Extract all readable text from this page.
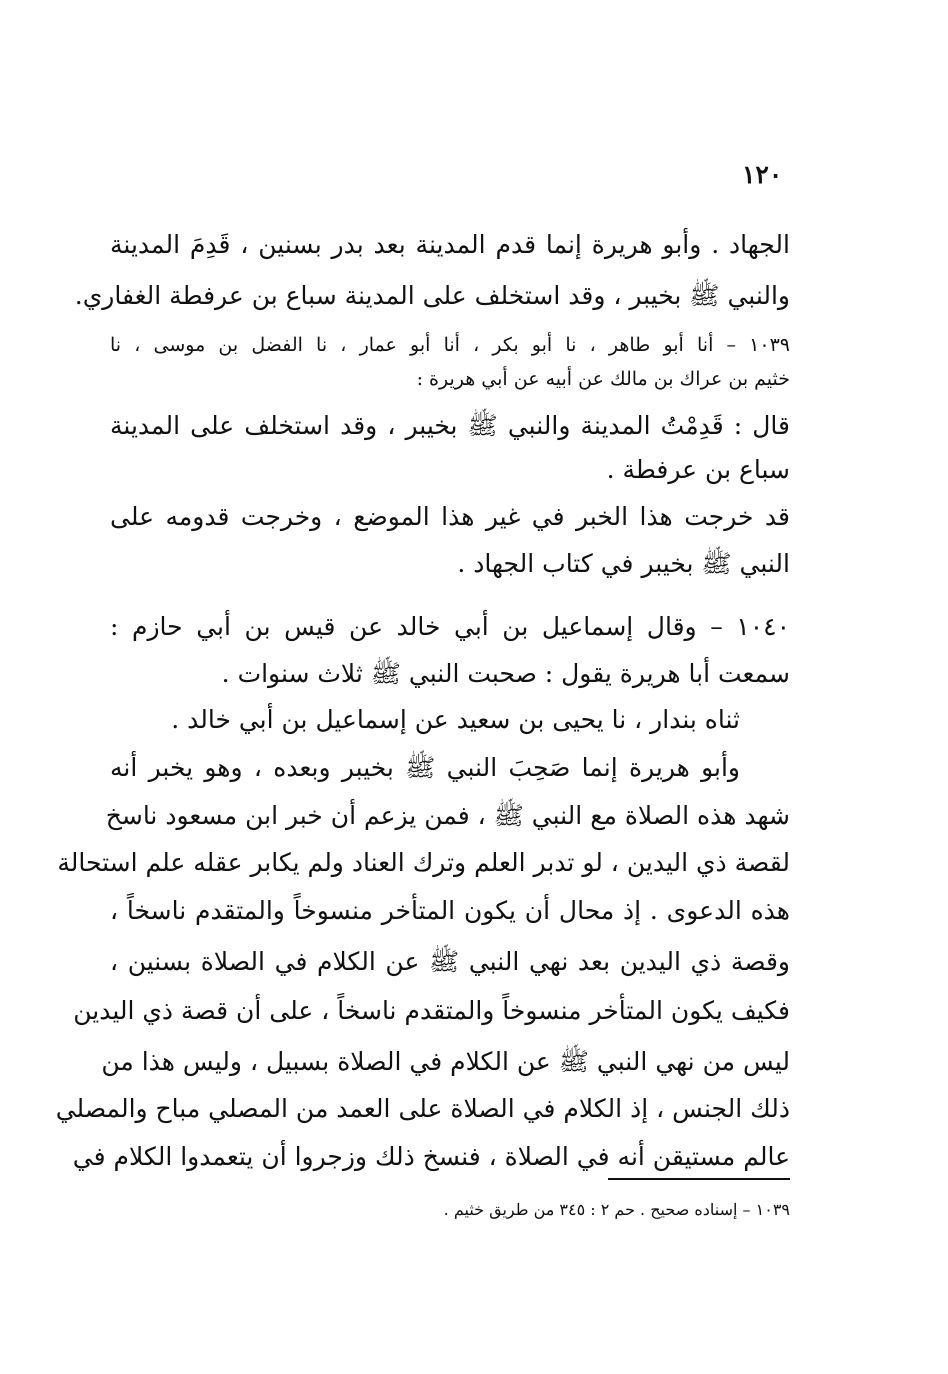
١٢٠
الجهاد . وأبو هريرة إنما قدم المدينة بعد بدر بسنين ، قَدِمَ المدينة
والنبي ﷺ بخيبر ، وقد استخلف على المدينة سباع بن عرفطة الغفاري.
١٠٣٩ – أنا أبو طاهر ، نا أبو بكر ، أنا أبو عمار ، نا الفضل بن موسى ، نا
خثيم بن عراك بن مالك عن أبيه عن أبي هريرة :
قال : قَدِمْتُ المدينة والنبي ﷺ بخيبر ، وقد استخلف على المدينة
سباع بن عرفطة .
قد خرجت هذا الخبر في غير هذا الموضع ، وخرجت قدومه على
النبي ﷺ بخيبر في كتاب الجهاد .
١٠٤٠ – وقال إسماعيل بن أبي خالد عن قيس بن أبي حازم :
سمعت أبا هريرة يقول : صحبت النبي ﷺ ثلاث سنوات .
ثناه بندار ، نا يحيى بن سعيد عن إسماعيل بن أبي خالد .
وأبو هريرة إنما صَحِبَ النبي ﷺ بخيبر وبعده ، وهو يخبر أنه
شهد هذه الصلاة مع النبي ﷺ ، فمن يزعم أن خبر ابن مسعود ناسخ
لقصة ذي اليدين ، لو تدبر العلم وترك العناد ولم يكابر عقله علم استحالة
هذه الدعوى . إذ محال أن يكون المتأخر منسوخاً والمتقدم ناسخاً ،
وقصة ذي اليدين بعد نهي النبي ﷺ عن الكلام في الصلاة بسنين ،
فكيف يكون المتأخر منسوخاً والمتقدم ناسخاً ، على أن قصة ذي اليدين
ليس من نهي النبي ﷺ عن الكلام في الصلاة بسبيل ، وليس هذا من
ذلك الجنس ، إذ الكلام في الصلاة على العمد من المصلي مباح والمصلي
عالم مستيقن أنه في الصلاة ، فنسخ ذلك وزجروا أن يتعمدوا الكلام في
١٠٣٩ – إسناده صحيح . حم ٢ : ٣٤٥ من طريق خثيم .
